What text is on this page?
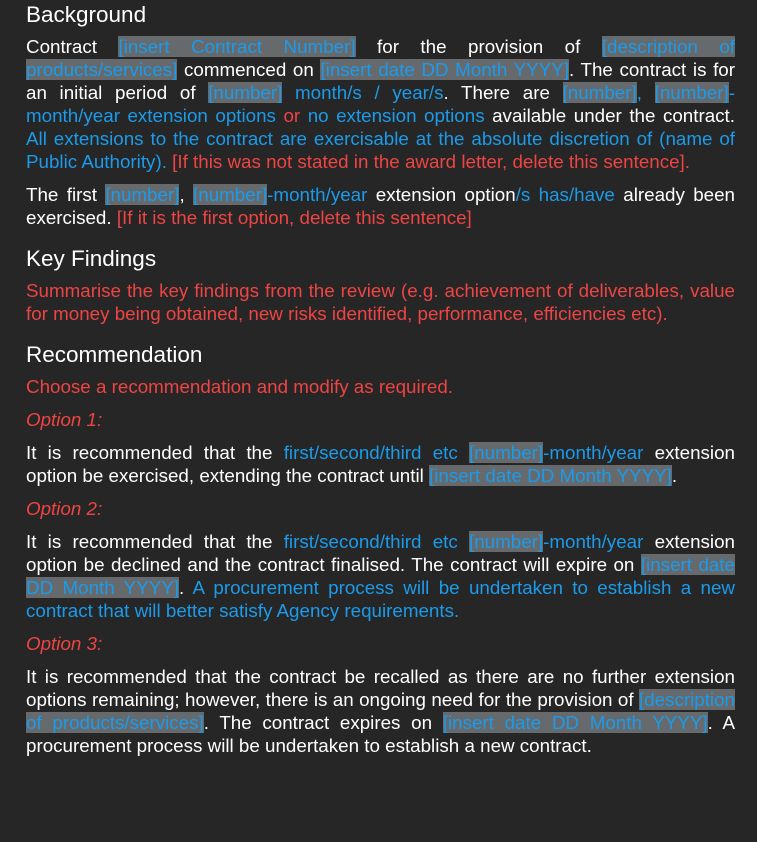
Background

Contract [insert Contract Number] for the provision of [description of products/services] commenced on [insert date DD Month YYYY]. The contract is for an initial period of [number] month/s / year/s. There are [number], [number]-month/year extension options or no extension options available under the contract. All extensions to the contract are exercisable at the absolute discretion of (name of Public Authority). [If this was not stated in the award letter, delete this sentence].

The first [number], [number]-month/year extension option/s has/have already been exercised. [If it is the first option, delete this sentence]

Key Findings

Summarise the key findings from the review (e.g. achievement of deliverables, value for money being obtained, new risks identified, performance, efficiencies etc).

Recommendation

Choose a recommendation and modify as required.

Option 1:

It is recommended that the first/second/third etc [number]-month/year extension option be exercised, extending the contract until [insert date DD Month YYYY].

Option 2:

It is recommended that the first/second/third etc [number]-month/year extension option be declined and the contract finalised. The contract will expire on [insert date DD Month YYYY]. A procurement process will be undertaken to establish a new contract that will better satisfy Agency requirements.

Option 3:

It is recommended that the contract be recalled as there are no further extension options remaining; however, there is an ongoing need for the provision of [description of products/services]. The contract expires on [insert date DD Month YYYY]. A procurement process will be undertaken to establish a new contract.
